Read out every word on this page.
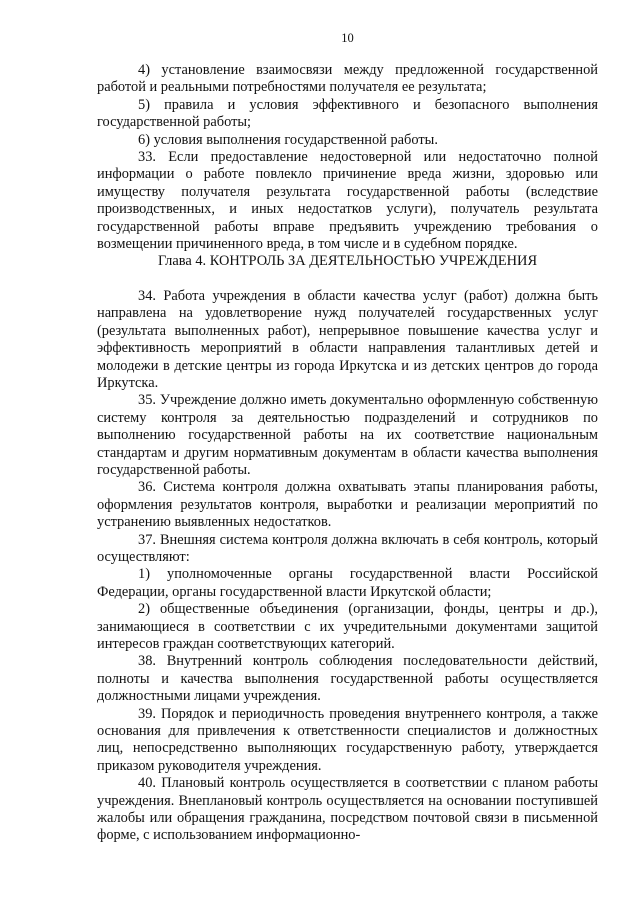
10

4) установление взаимосвязи между предложенной государственной работой и реальными потребностями получателя ее результата;

5) правила и условия эффективного и безопасного выполнения государственной работы;

6) условия выполнения государственной работы.

33. Если предоставление недостоверной или недостаточно полной информации о работе повлекло причинение вреда жизни, здоровью или имуществу получателя результата государственной работы (вследствие производственных, и иных недостатков услуги), получатель результата государственной работы вправе предъявить учреждению требования о возмещении причиненного вреда, в том числе и в судебном порядке.

Глава 4. КОНТРОЛЬ ЗА ДЕЯТЕЛЬНОСТЬЮ УЧРЕЖДЕНИЯ

34. Работа учреждения в области качества услуг (работ) должна быть направлена на удовлетворение нужд получателей государственных услуг (результата выполненных работ), непрерывное повышение качества услуг и эффективность мероприятий в области направления талантливых детей и молодежи в детские центры из города Иркутска и из детских центров до города Иркутска.

35. Учреждение должно иметь документально оформленную собственную систему контроля за деятельностью подразделений и сотрудников по выполнению государственной работы на их соответствие национальным стандартам и другим нормативным документам в области качества выполнения государственной работы.

36. Система контроля должна охватывать этапы планирования работы, оформления результатов контроля, выработки и реализации мероприятий по устранению выявленных недостатков.

37. Внешняя система контроля должна включать в себя контроль, который осуществляют:

1) уполномоченные органы государственной власти Российской Федерации, органы государственной власти Иркутской области;

2) общественные объединения (организации, фонды, центры и др.), занимающиеся в соответствии с их учредительными документами защитой интересов граждан соответствующих категорий.

38. Внутренний контроль соблюдения последовательности действий, полноты и качества выполнения государственной работы осуществляется должностными лицами учреждения.

39. Порядок и периодичность проведения внутреннего контроля, а также основания для привлечения к ответственности специалистов и должностных лиц, непосредственно выполняющих государственную работу, утверждается приказом руководителя учреждения.

40. Плановый контроль осуществляется в соответствии с планом работы учреждения. Внеплановый контроль осуществляется на основании поступившей жалобы или обращения гражданина, посредством почтовой связи в письменной форме, с использованием информационно-
